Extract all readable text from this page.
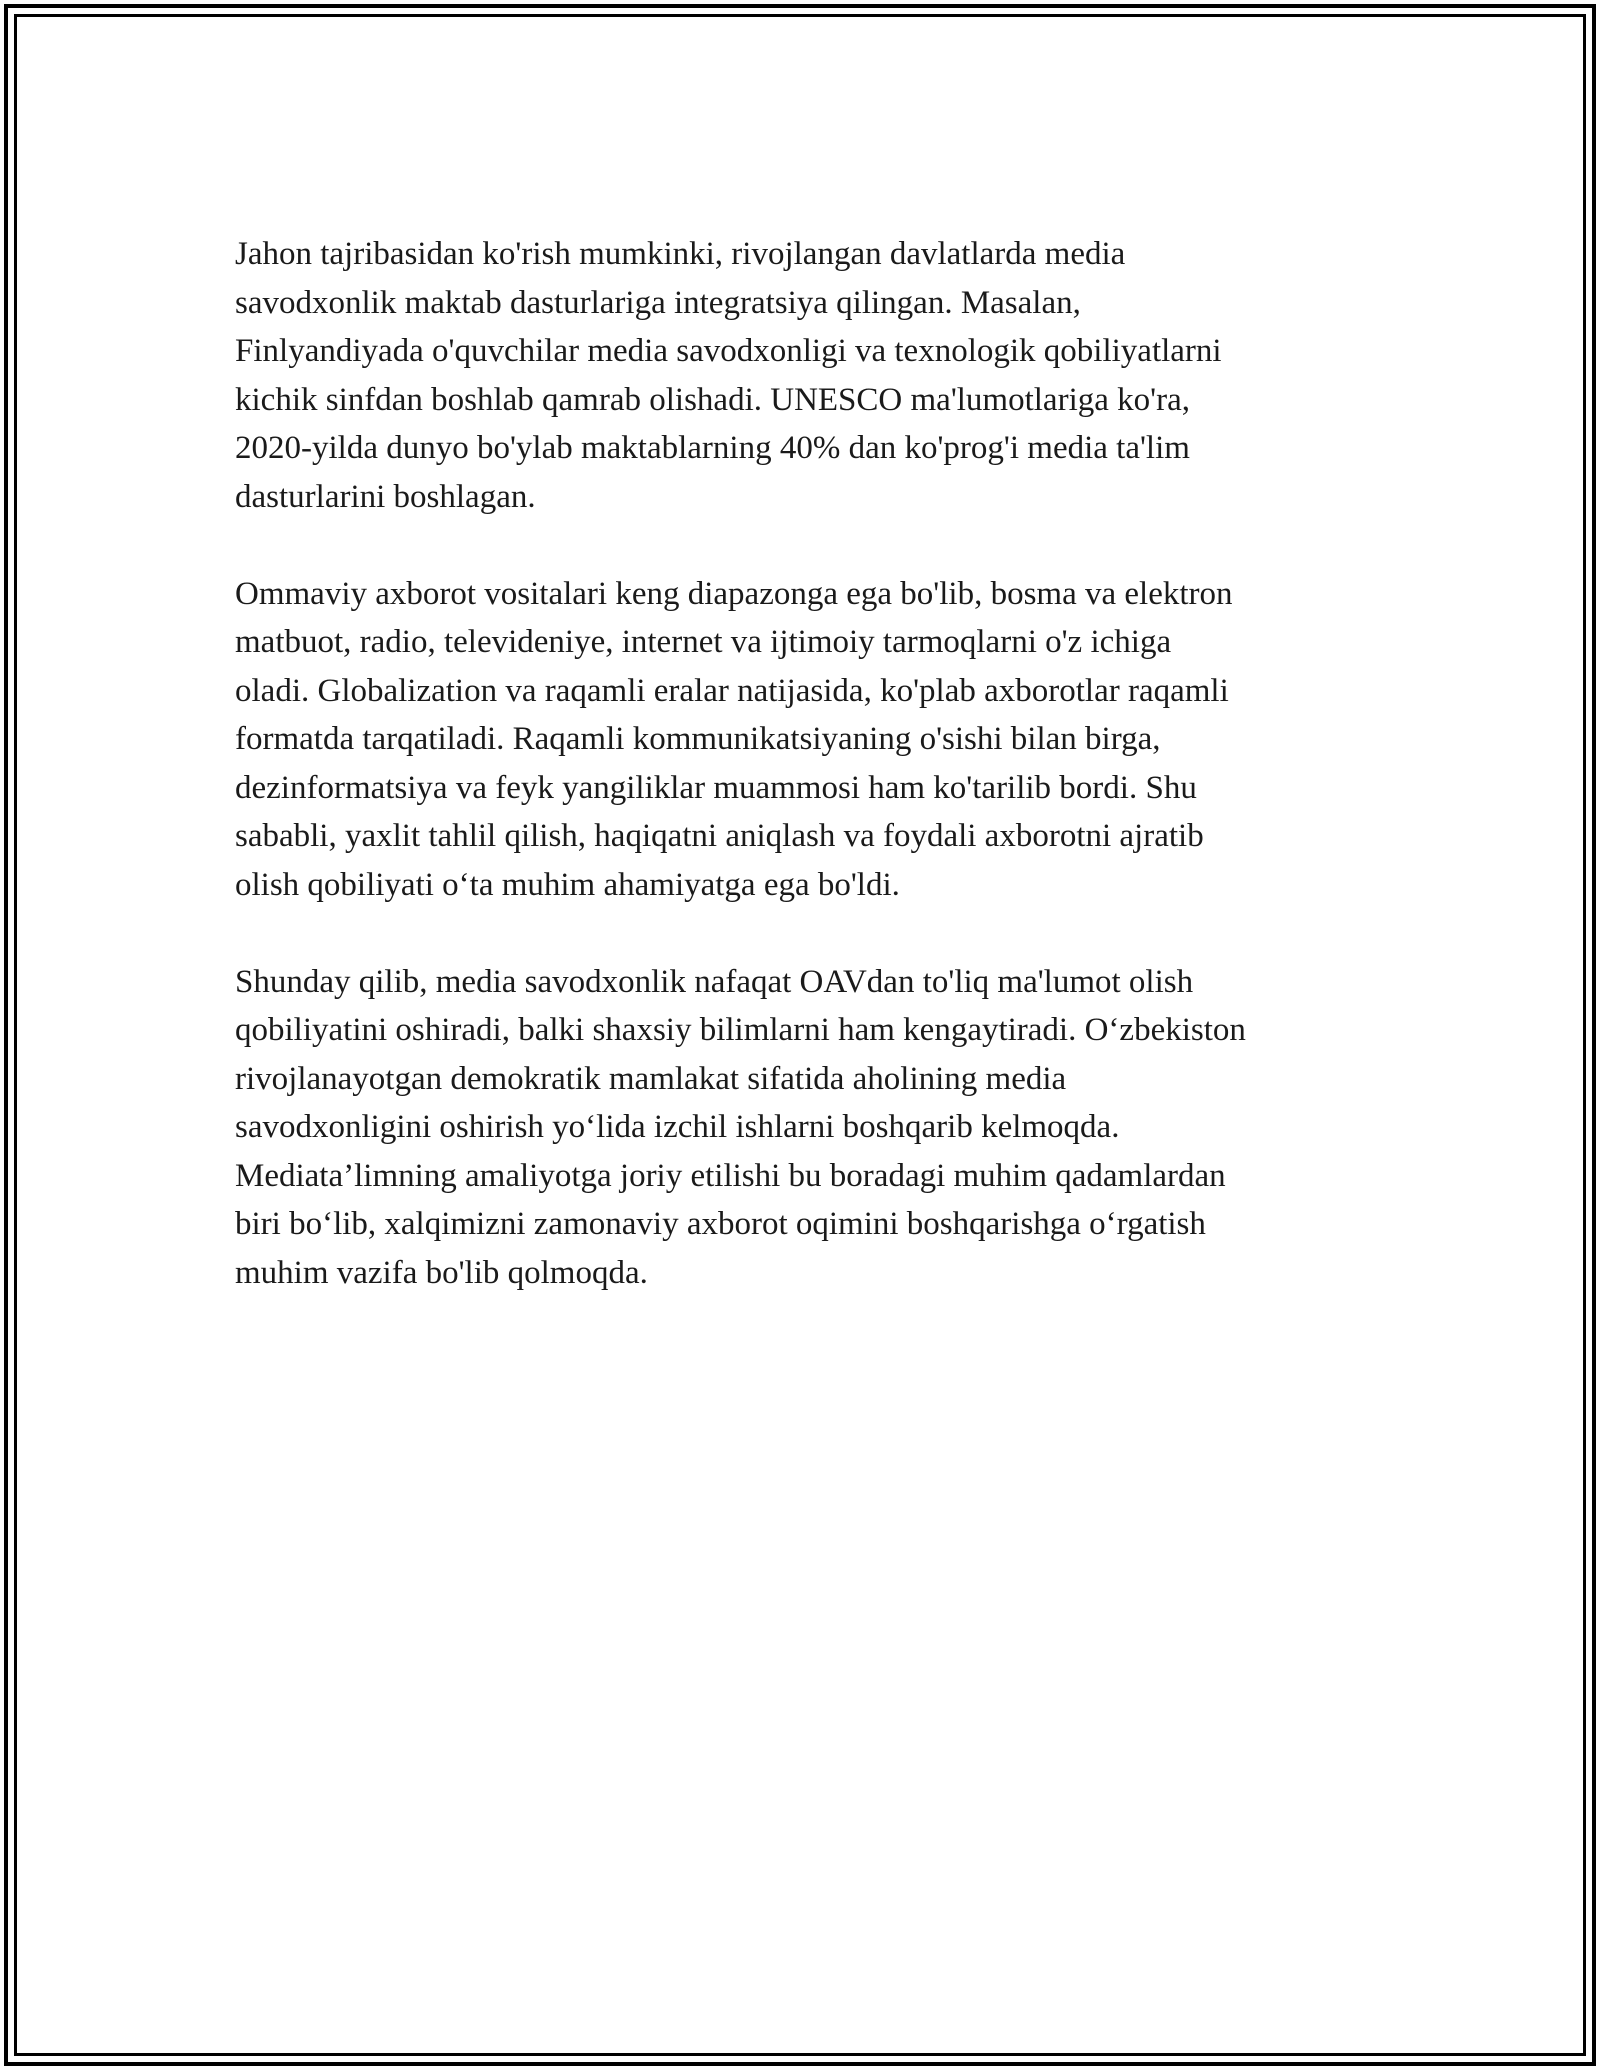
Jahon tajribasidan ko'rish mumkinki, rivojlangan davlatlarda media
savodxonlik maktab dasturlariga integratsiya qilingan. Masalan,
Finlyandiyada o'quvchilar media savodxonligi va texnologik qobiliyatlarni
kichik sinfdan boshlab qamrab olishadi. UNESCO ma'lumotlariga ko'ra,
2020-yilda dunyo bo'ylab maktablarning 40% dan ko'prog'i media ta'lim
dasturlarini boshlagan.

Ommaviy axborot vositalari keng diapazonga ega bo'lib, bosma va elektron
matbuot, radio, televideniye, internet va ijtimoiy tarmoqlarni o'z ichiga
oladi. Globalization va raqamli eralar natijasida, ko'plab axborotlar raqamli
formatda tarqatiladi. Raqamli kommunikatsiyaning o'sishi bilan birga,
dezinformatsiya va feyk yangiliklar muammosi ham ko'tarilib bordi. Shu
sababli, yaxlit tahlil qilish, haqiqatni aniqlash va foydali axborotni ajratib
olish qobiliyati o‘ta muhim ahamiyatga ega bo'ldi.

Shunday qilib, media savodxonlik nafaqat OAVdan to'liq ma'lumot olish
qobiliyatini oshiradi, balki shaxsiy bilimlarni ham kengaytiradi. O‘zbekiston
rivojlanayotgan demokratik mamlakat sifatida aholining media
savodxonligini oshirish yo‘lida izchil ishlarni boshqarib kelmoqda.
Mediata’limning amaliyotga joriy etilishi bu boradagi muhim qadamlardan
biri bo‘lib, xalqimizni zamonaviy axborot oqimini boshqarishga o‘rgatish
muhim vazifa bo'lib qolmoqda.
